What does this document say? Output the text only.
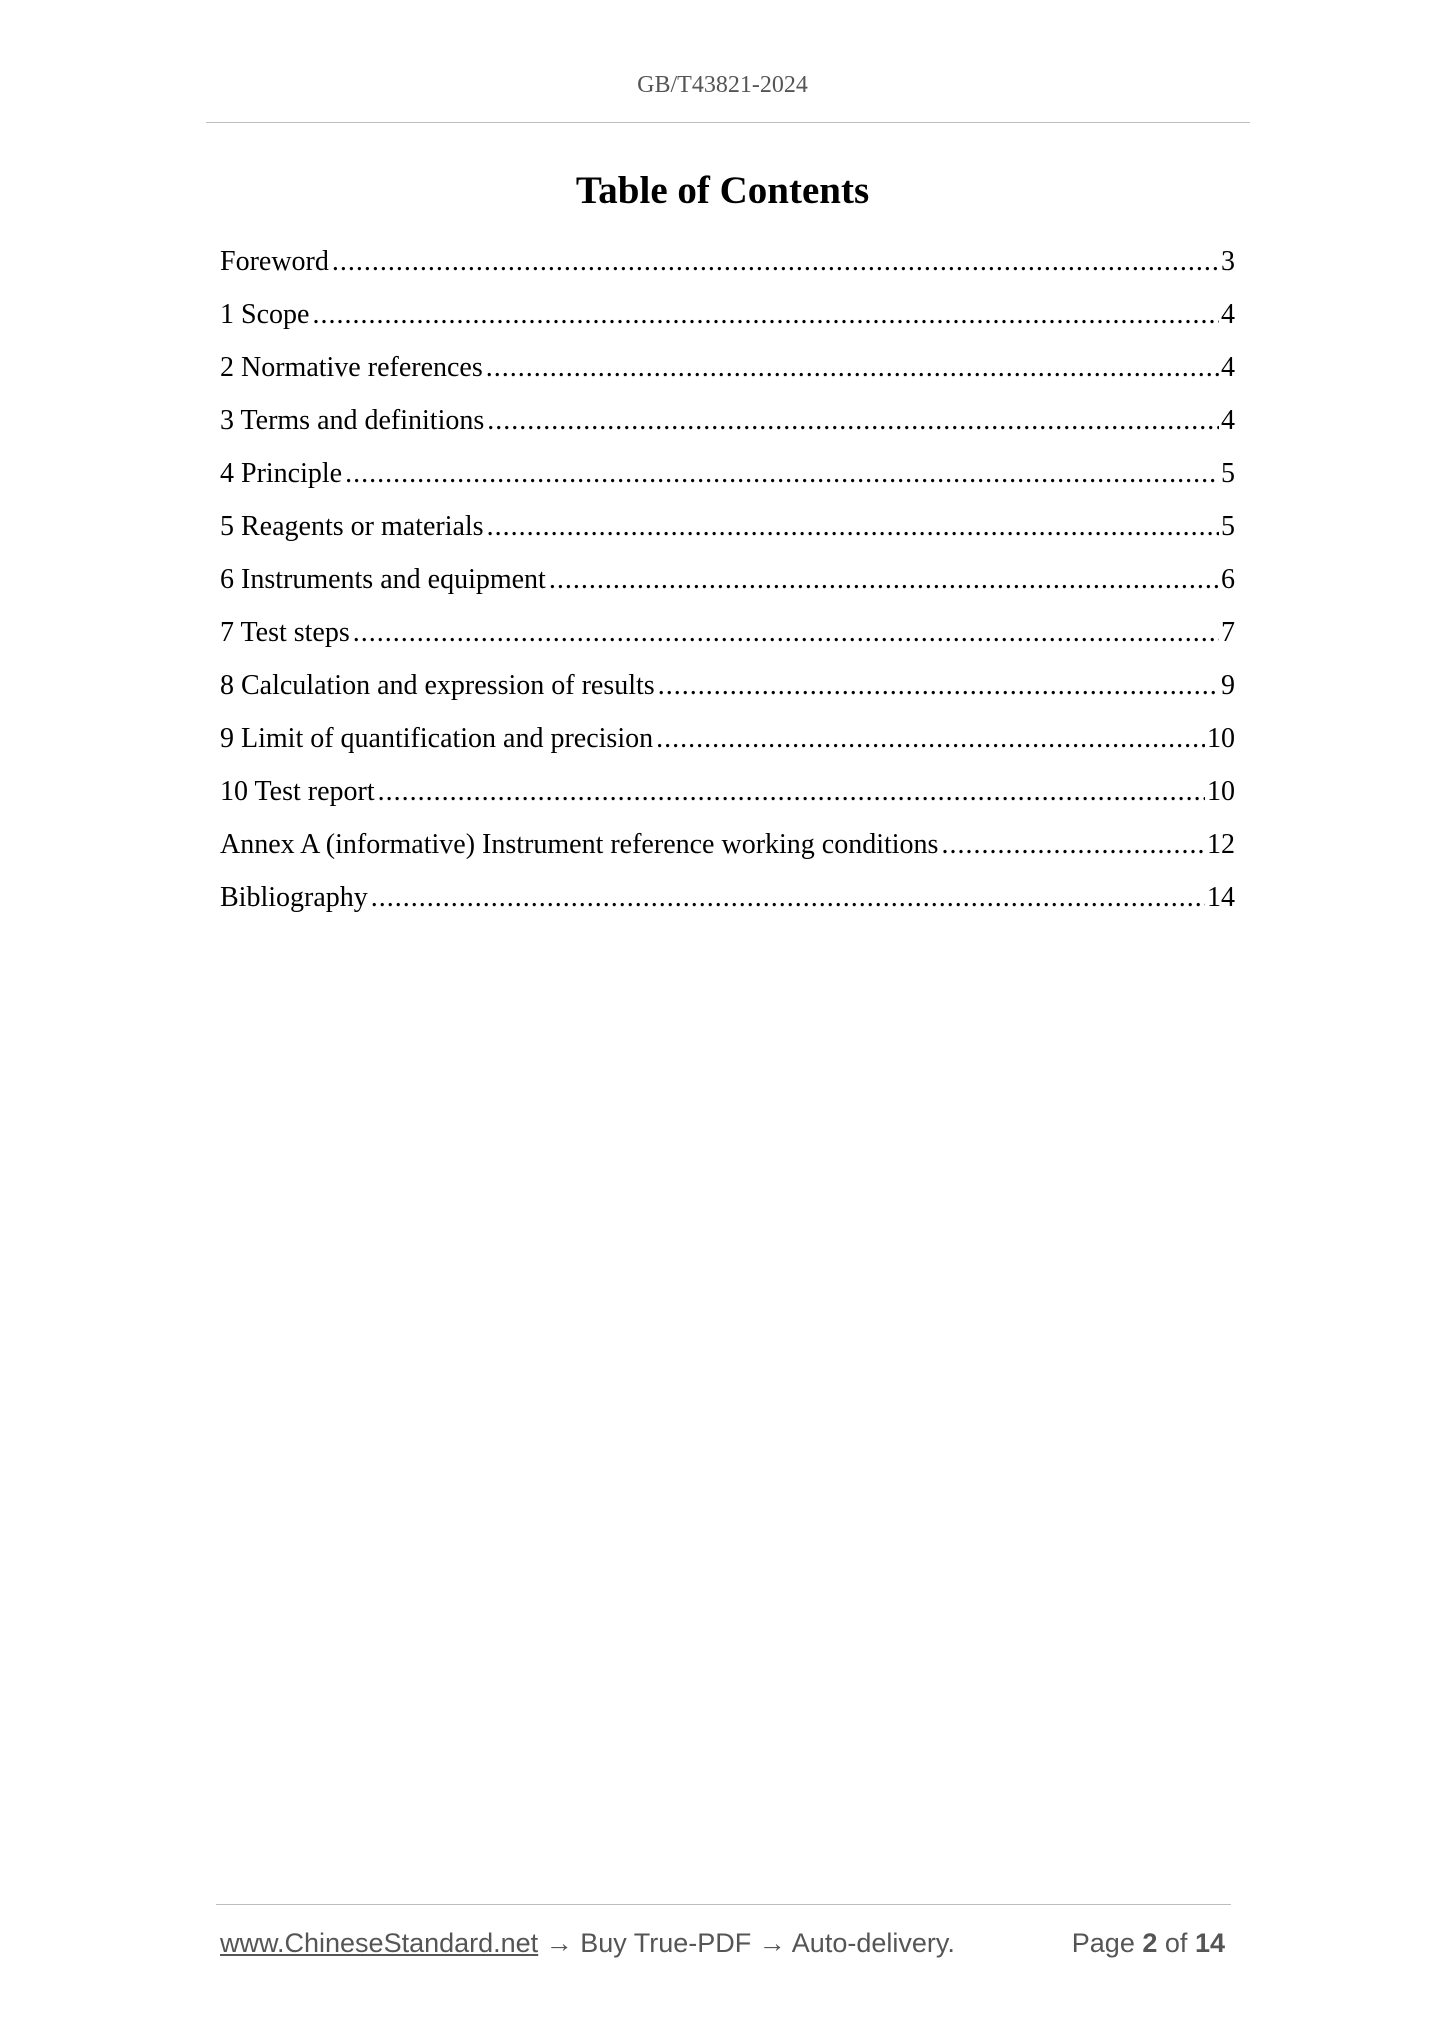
GB/T43821-2024
Table of Contents
Foreword .....	3
1 Scope .....	4
2 Normative references .....	4
3 Terms and definitions .....	4
4 Principle .....	5
5 Reagents or materials .....	5
6 Instruments and equipment .....	6
7 Test steps .....	7
8 Calculation and expression of results .....	9
9 Limit of quantification and precision .....	10
10 Test report .....	10
Annex A (informative) Instrument reference working conditions .....	12
Bibliography .....	14
www.ChineseStandard.net → Buy True-PDF → Auto-delivery.	Page 2 of 14
